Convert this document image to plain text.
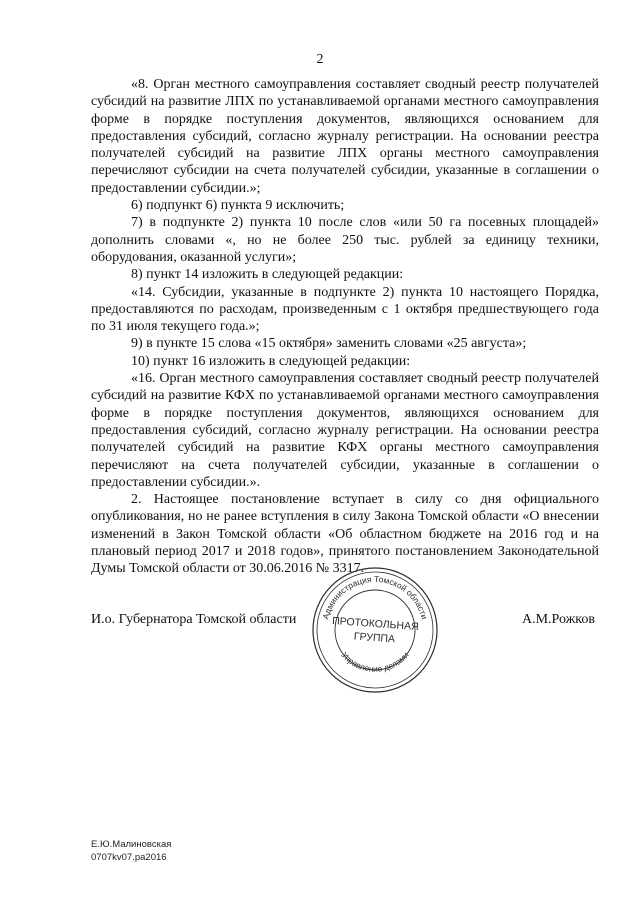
2

«8. Орган местного самоуправления составляет сводный реестр получателей субсидий на развитие ЛПХ по устанавливаемой органами местного самоуправления форме в порядке поступления документов, являющихся основанием для предоставления субсидий, согласно журналу регистрации. На основании реестра получателей субсидий на развитие ЛПХ органы местного самоуправления перечисляют субсидии на счета получателей субсидии, указанные в соглашении о предоставлении субсидии.»;

6) подпункт 6) пункта 9 исключить;

7) в подпункте 2) пункта 10 после слов «или 50 га посевных площадей» дополнить словами «, но не более 250 тыс. рублей за единицу техники, оборудования, оказанной услуги»;

8) пункт 14 изложить в следующей редакции:

«14. Субсидии, указанные в подпункте 2) пункта 10 настоящего Порядка, предоставляются по расходам, произведенным с 1 октября предшествующего года по 31 июля текущего года.»;

9) в пункте 15 слова «15 октября» заменить словами «25 августа»;

10) пункт 16 изложить в следующей редакции:

«16. Орган местного самоуправления составляет сводный реестр получателей субсидий на развитие КФХ по устанавливаемой органами местного самоуправления форме в порядке поступления документов, являющихся основанием для предоставления субсидий, согласно журналу регистрации. На основании реестра получателей субсидий на развитие КФХ органы местного самоуправления перечисляют на счета получателей субсидии, указанные в соглашении о предоставлении субсидии.».

2. Настоящее постановление вступает в силу со дня официального опубликования, но не ранее вступления в силу Закона Томской области «О внесении изменений в Закон Томской области «Об областном бюджете на 2016 год и на плановый период 2017 и 2018 годов», принятого постановлением Законодательной Думы Томской области от 30.06.2016 № 3317.

И.о. Губернатора Томской области	А.М.Рожков
Администрация Томской области
Управление делами
ПРОТОКОЛЬНАЯ
ГРУППА
Е.Ю.Малиновская
0707kv07.pa2016
